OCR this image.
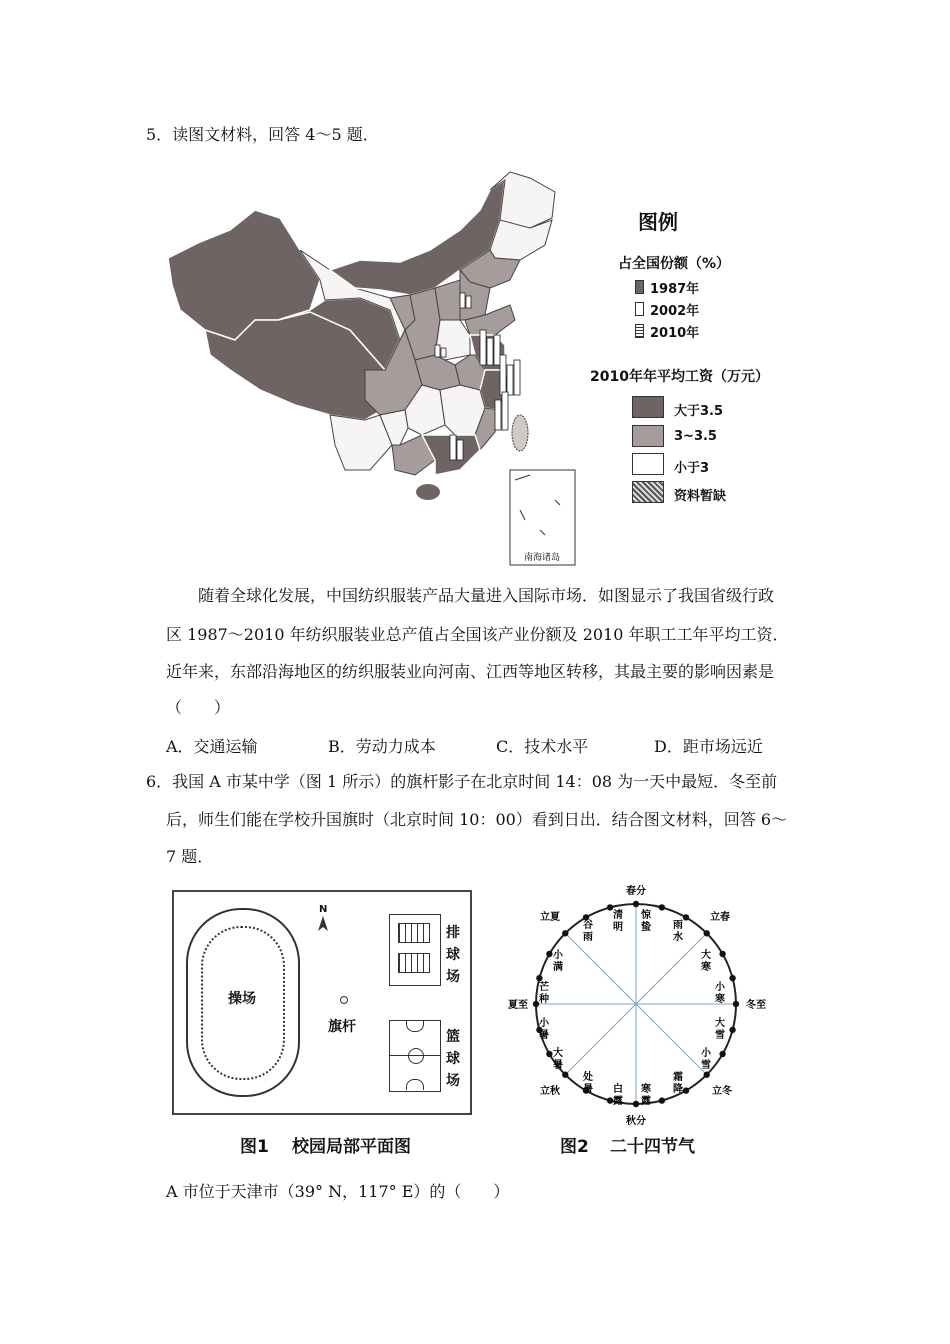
5．读图文材料，回答 4～5 题．
南海诸岛
图例
占全国份额（%）
1987年
2002年
2010年
2010年年平均工资（万元）
大于3.5
3~3.5
小于3
资料暂缺
随着全球化发展，中国纺织服装产品大量进入国际市场．如图显示了我国省级行政
区 1987～2010 年纺织服装业总产值占全国该产业份额及 2010 年职工工年平均工资．
近年来，东部沿海地区的纺织服装业向河南、江西等地区转移，其最主要的影响因素是
（　　）
A．交通运输	B．劳动力成本	C．技术水平	D．距市场远近
6．我国 A 市某中学（图 1 所示）的旗杆影子在北京时间 14：08 为一天中最短．冬至前
后，师生们能在学校升国旗时（北京时间 10：00）看到日出．结合图文材料，回答 6～
7 题．
操场
N
旗杆
排
球
场
篮
球
场
图1 校园局部平面图
春分
秋分
夏至	冬至
立夏	立春
立秋	立冬
清
明
惊
蛰
谷
雨
雨
水
小
满
大
寒
芒
种
小
寒
小
暑
大
雪
大
暑
小
雪
处
暑
霜
降
白
露
寒
露
图2 二十四节气
A 市位于天津市（39° N，117° E）的（　　）
